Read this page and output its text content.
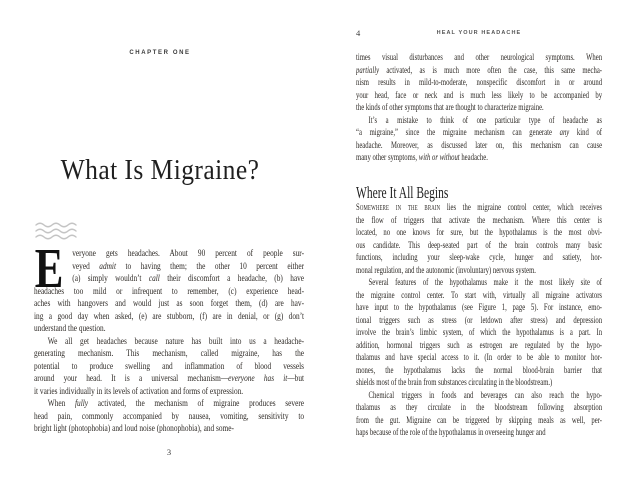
CHAPTER ONE
What Is Migraine?
E veryone gets headaches. About 90 percent of people sur-
veyed admit to having them; the other 10 percent either
(a) simply wouldn’t call their discomfort a headache, (b) have
headaches too mild or infrequent to remember, (c) experience head-
aches with hangovers and would just as soon forget them, (d) are hav-
ing a good day when asked, (e) are stubborn, (f) are in denial, or (g) don’t
understand the question.
We all get headaches because nature has built into us a headache-
generating mechanism. This mechanism, called migraine, has the
potential to produce swelling and inflammation of blood vessels
around your head. It is a universal mechanism—everyone has it—but
it varies individually in its levels of activation and forms of expression.
When fully activated, the mechanism of migraine produces severe
head pain, commonly accompanied by nausea, vomiting, sensitivity to
bright light (photophobia) and loud noise (phonophobia), and some-
3
4	HEAL YOUR HEADACHE
times visual disturbances and other neurological symptoms. When
partially activated, as is much more often the case, this same mecha-
nism results in mild-to-moderate, nonspecific discomfort in or around
your head, face or neck and is much less likely to be accompanied by
the kinds of other symptoms that are thought to characterize migraine.
It’s a mistake to think of one particular type of headache as
“a migraine,” since the migraine mechanism can generate any kind of
headache. Moreover, as discussed later on, this mechanism can cause
many other symptoms, with or without headache.
Where It All Begins
Somewhere in the brain lies the migraine control center, which receives
the flow of triggers that activate the mechanism. Where this center is
located, no one knows for sure, but the hypothalamus is the most obvi-
ous candidate. This deep-seated part of the brain controls many basic
functions, including your sleep-wake cycle, hunger and satiety, hor-
monal regulation, and the autonomic (involuntary) nervous system.
Several features of the hypothalamus make it the most likely site of
the migraine control center. To start with, virtually all migraine activators
have input to the hypothalamus (see Figure 1, page 5). For instance, emo-
tional triggers such as stress (or letdown after stress) and depression
involve the brain’s limbic system, of which the hypothalamus is a part. In
addition, hormonal triggers such as estrogen are regulated by the hypo-
thalamus and have special access to it. (In order to be able to monitor hor-
mones, the hypothalamus lacks the normal blood-brain barrier that
shields most of the brain from substances circulating in the bloodstream.)
Chemical triggers in foods and beverages can also reach the hypo-
thalamus as they circulate in the bloodstream following absorption
from the gut. Migraine can be triggered by skipping meals as well, per-
haps because of the role of the hypothalamus in overseeing hunger and
